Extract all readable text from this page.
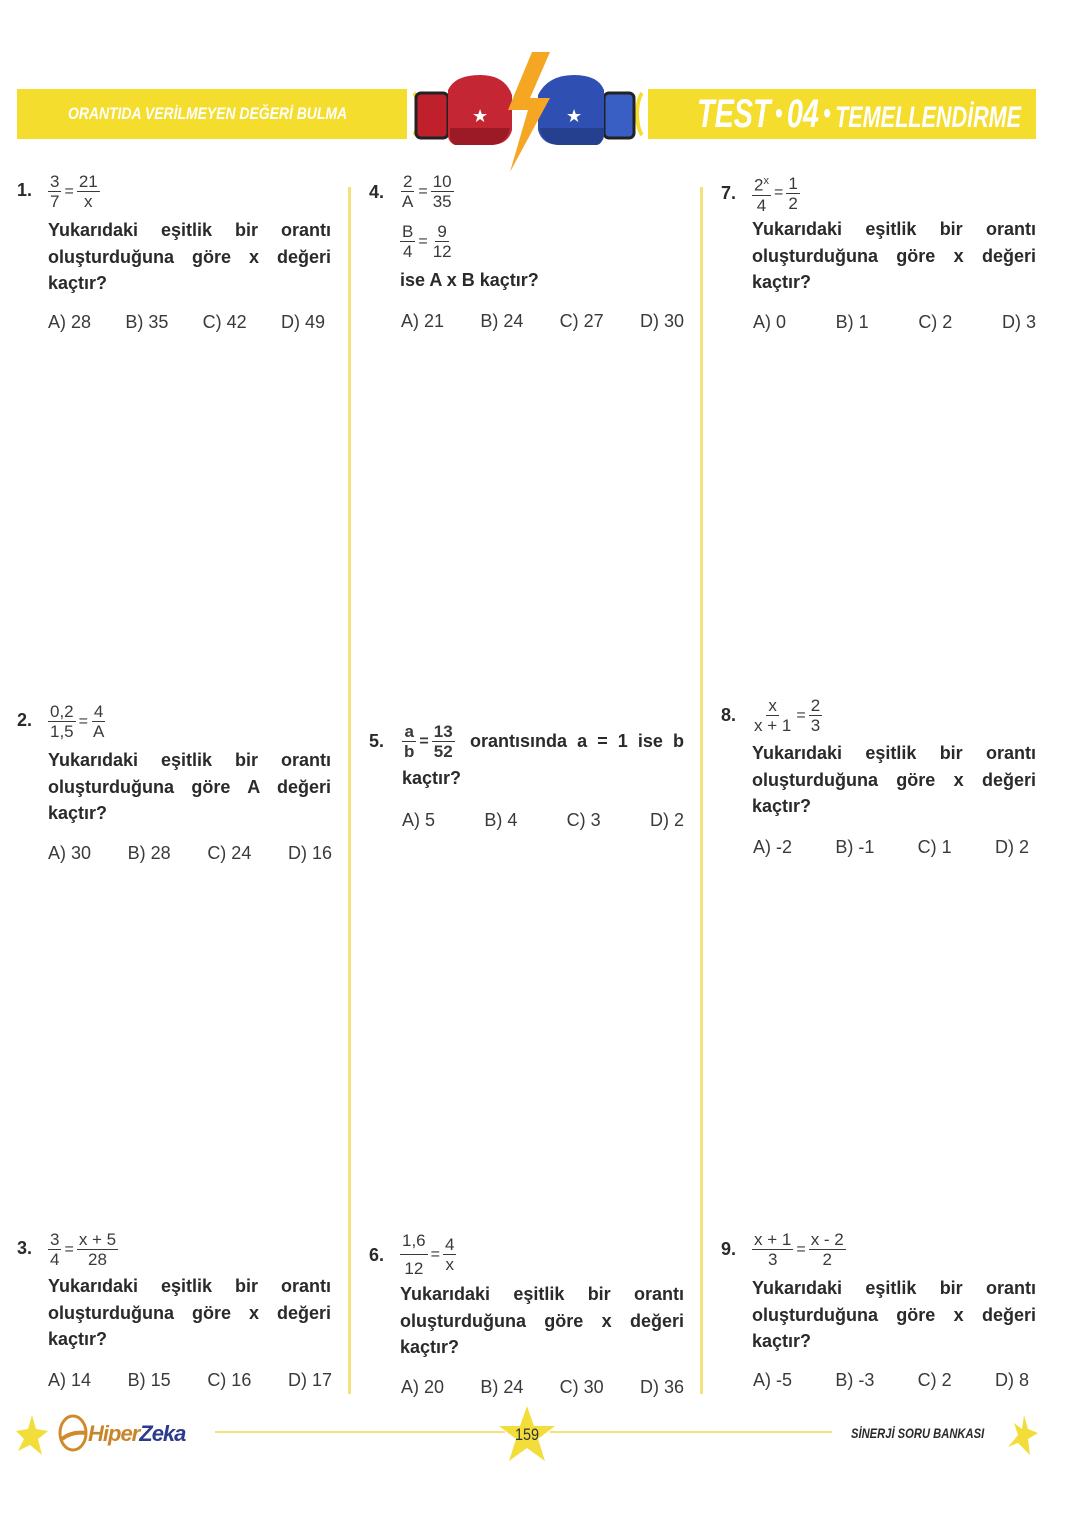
ORANTIDA VERİLMEYEN DEĞERİ BULMA	TEST • 04 • TEMELLENDİRME
★	★
1. $\frac{3}{7} = \frac{21}{x}$
Yukarıdaki eşitlik bir orantı
oluşturduğuna göre x değeri
kaçtır?
A) 28 B) 35 C) 42 D) 49
2. $\frac{0,2}{1,5} = \frac{4}{A}$
Yukarıdaki eşitlik bir orantı
oluşturduğuna göre A değeri
kaçtır?
A) 30 B) 28 C) 24 D) 16
3. $\frac{3}{4} = \frac{x + 5}{28}$
Yukarıdaki eşitlik bir orantı
oluşturduğuna göre x değeri
kaçtır?
A) 14 B) 15 C) 16 D) 17
4. $\frac{2}{A} = \frac{10}{35}$
$\frac{B}{4} = \frac{9}{12}$
ise A x B kaçtır?
A) 21 B) 24 C) 27 D) 30
5. $\frac{a}{b} = \frac{13}{52}$ orantısında a = 1 ise b
kaçtır?
A) 5	B) 4	C) 3	D) 2
6. $\frac{1,6}{12} = \frac{4}{x}$
Yukarıdaki eşitlik bir orantı
oluşturduğuna göre x değeri
kaçtır?
A) 20 B) 24 C) 30 D) 36
7. $\frac{2^x}{4} = \frac{1}{2}$
Yukarıdaki eşitlik bir orantı
oluşturduğuna göre x değeri
kaçtır?
A) 0	B) 1	C) 2	D) 3
8. $\frac{x}{x + 1} = \frac{2}{3}$
Yukarıdaki eşitlik bir orantı
oluşturduğuna göre x değeri
kaçtır?
A) -2 B) -1 C) 1 D) 2
9. $\frac{x + 1}{3} = \frac{x - 2}{2}$
Yukarıdaki eşitlik bir orantı
oluşturduğuna göre x değeri
kaçtır?
A) -5 B) -3 C) 2 D) 8
HiperZeka	159	SİNERJİ SORU BANKASI
